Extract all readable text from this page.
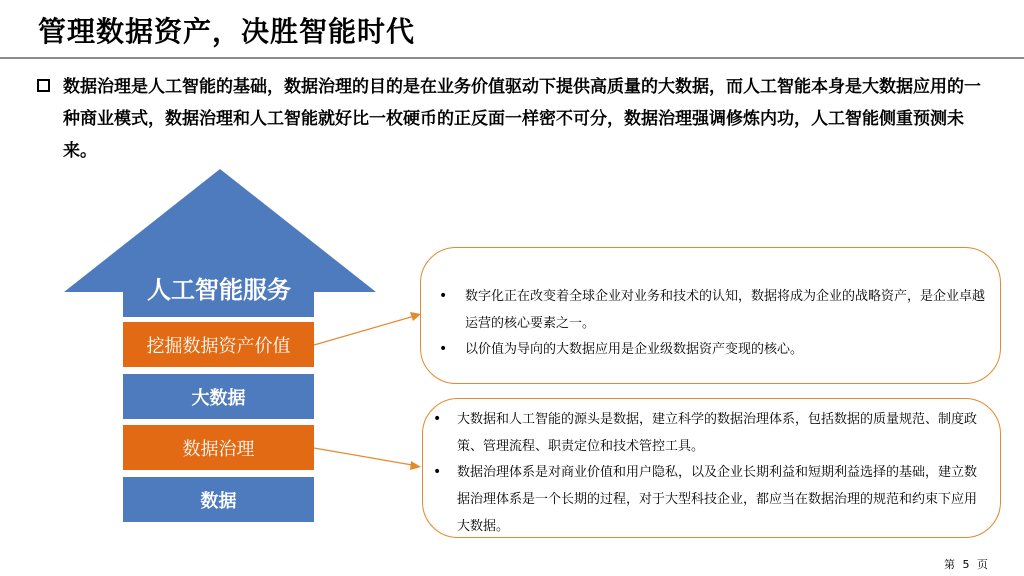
管理数据资产，决胜智能时代
数据治理是人工智能的基础，数据治理的目的是在业务价值驱动下提供高质量的大数据，而人工智能本身是大数据应用的一种商业模式，数据治理和人工智能就好比一枚硬币的正反面一样密不可分，数据治理强调修炼内功，人工智能侧重预测未来。
人工智能服务
挖掘数据资产价值
大数据
数据治理
数据
• 数字化正在改变着全球企业对业务和技术的认知，数据将成为企业的战略资产，是企业卓越运营的核心要素之一。
• 以价值为导向的大数据应用是企业级数据资产变现的核心。
• 大数据和人工智能的源头是数据，建立科学的数据治理体系，包括数据的质量规范、制度政策、管理流程、职责定位和技术管控工具。
• 数据治理体系是对商业价值和用户隐私，以及企业长期利益和短期利益选择的基础，建立数据治理体系是一个长期的过程，对于大型科技企业，都应当在数据治理的规范和约束下应用大数据。
第 5 页
